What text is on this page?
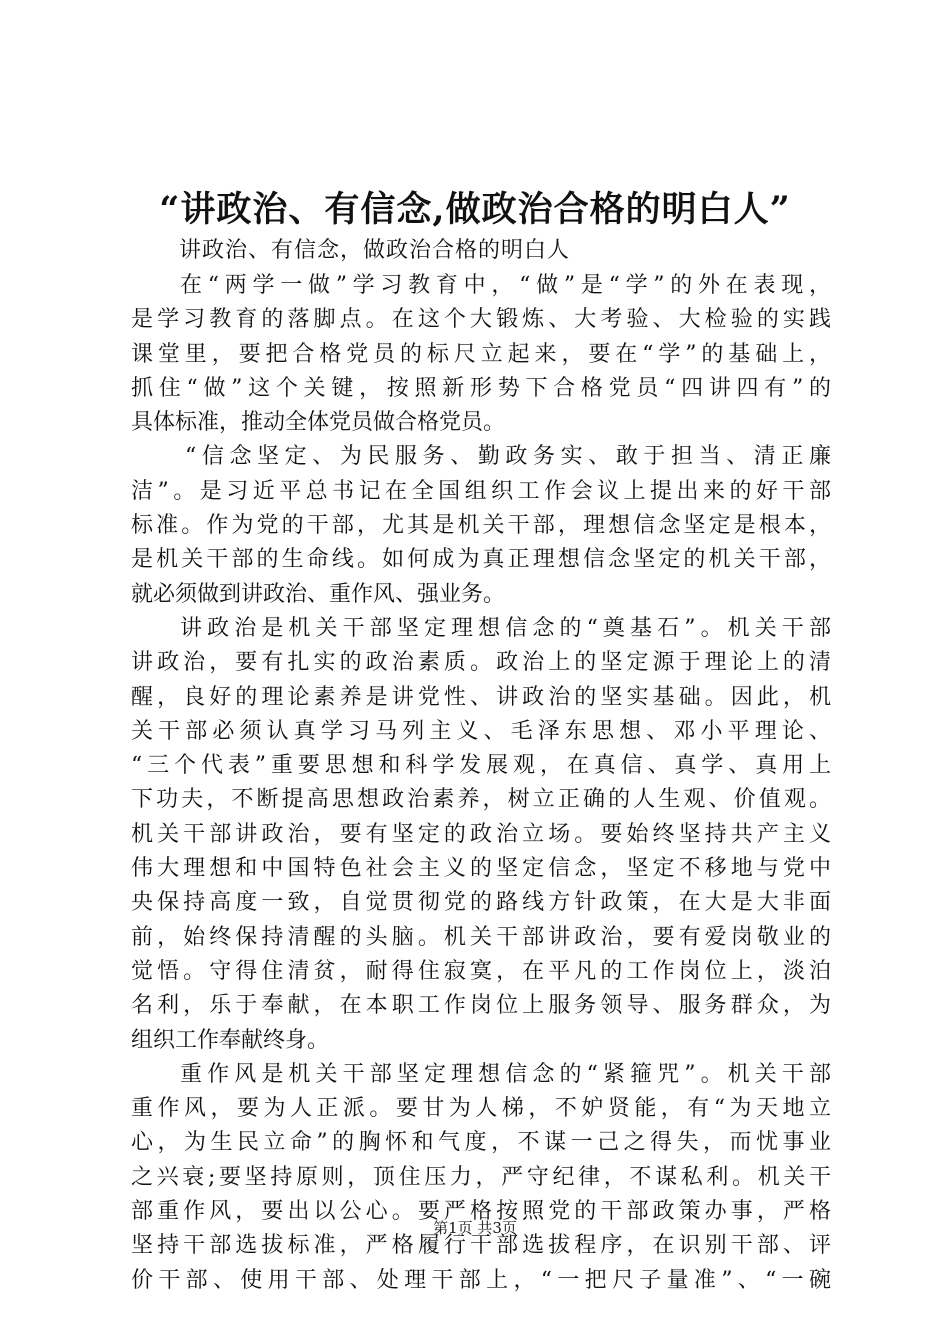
“讲政治、有信念,做政治合格的明白人”

讲政治、有信念，做政治合格的明白人

在“两学一做”学习教育中，“做”是“学”的外在表现，
是学习教育的落脚点。在这个大锻炼、大考验、大检验的实践
课堂里，要把合格党员的标尺立起来，要在“学”的基础上，
抓住“做”这个关键，按照新形势下合格党员“四讲四有”的
具体标准，推动全体党员做合格党员。
“信念坚定、为民服务、勤政务实、敢于担当、清正廉
洁”。是习近平总书记在全国组织工作会议上提出来的好干部
标准。作为党的干部，尤其是机关干部，理想信念坚定是根本，
是机关干部的生命线。如何成为真正理想信念坚定的机关干部，
就必须做到讲政治、重作风、强业务。
讲政治是机关干部坚定理想信念的“奠基石”。机关干部
讲政治，要有扎实的政治素质。政治上的坚定源于理论上的清
醒，良好的理论素养是讲党性、讲政治的坚实基础。因此，机
关干部必须认真学习马列主义、毛泽东思想、邓小平理论、
“三个代表”重要思想和科学发展观，在真信、真学、真用上
下功夫，不断提高思想政治素养，树立正确的人生观、价值观。
机关干部讲政治，要有坚定的政治立场。要始终坚持共产主义
伟大理想和中国特色社会主义的坚定信念，坚定不移地与党中
央保持高度一致，自觉贯彻党的路线方针政策，在大是大非面
前，始终保持清醒的头脑。机关干部讲政治，要有爱岗敬业的
觉悟。守得住清贫，耐得住寂寞，在平凡的工作岗位上，淡泊
名利，乐于奉献，在本职工作岗位上服务领导、服务群众，为
组织工作奉献终身。
重作风是机关干部坚定理想信念的“紧箍咒”。机关干部
重作风，要为人正派。要甘为人梯，不妒贤能，有“为天地立
心，为生民立命”的胸怀和气度，不谋一己之得失，而忧事业
之兴衰;要坚持原则，顶住压力，严守纪律，不谋私利。机关干
部重作风，要出以公心。要严格按照党的干部政策办事，严格
坚持干部选拔标准，严格履行干部选拔程序，在识别干部、评
价干部、使用干部、处理干部上，“一把尺子量准”、“一碗

第1页 共3页
